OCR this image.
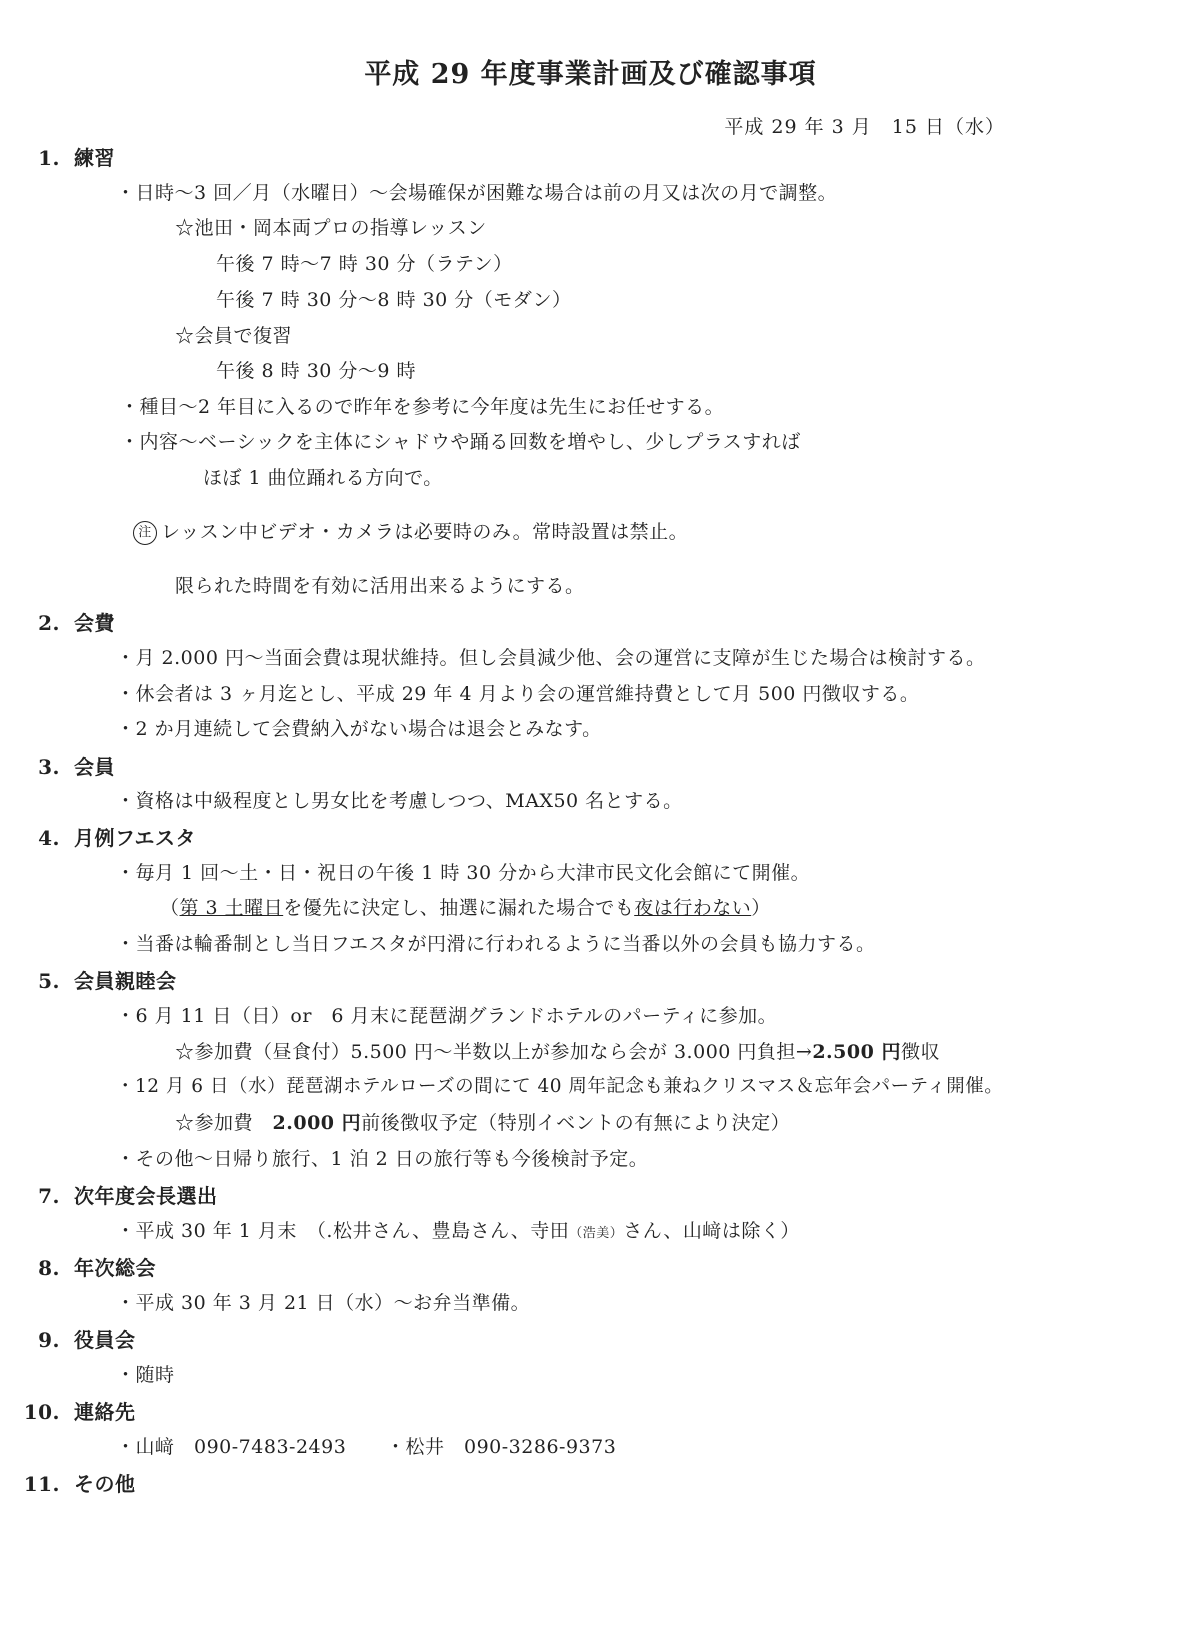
平成 29 年度事業計画及び確認事項
平成 29 年 3 月　15 日（水）
1. 練習
・日時～3 回／月（水曜日）～会場確保が困難な場合は前の月又は次の月で調整。
☆池田・岡本両プロの指導レッスン
午後 7 時～7 時 30 分（ラテン）
午後 7 時 30 分～8 時 30 分（モダン）
☆会員で復習
午後 8 時 30 分～9 時
・種目～2 年目に入るので昨年を参考に今年度は先生にお任せする。
・内容～ベーシックを主体にシャドウや踊る回数を増やし、少しプラスすれば
ほぼ 1 曲位踊れる方向で。
注 レッスン中ビデオ・カメラは必要時のみ。常時設置は禁止。
限られた時間を有効に活用出来るようにする。
2. 会費
・月 2.000 円～当面会費は現状維持。但し会員減少他、会の運営に支障が生じた場合は検討する。
・休会者は 3 ヶ月迄とし、平成 29 年 4 月より会の運営維持費として月 500 円徴収する。
・2 か月連続して会費納入がない場合は退会とみなす。
3. 会員
・資格は中級程度とし男女比を考慮しつつ、MAX50 名とする。
4. 月例フエスタ
・毎月 1 回～土・日・祝日の午後 1 時 30 分から大津市民文化会館にて開催。
（第 3 土曜日を優先に決定し、抽選に漏れた場合でも夜は行わない）
・当番は輪番制とし当日フエスタが円滑に行われるように当番以外の会員も協力する。
5. 会員親睦会
・6 月 11 日（日）or　6 月末に琵琶湖グランドホテルのパーティに参加。
☆参加費（昼食付）5.500 円～半数以上が参加なら会が 3.000 円負担→2.500 円徴収
・12 月 6 日（水）琵琶湖ホテルローズの間にて 40 周年記念も兼ねクリスマス＆忘年会パーティ開催。
☆参加費　2.000 円前後徴収予定（特別イベントの有無により決定）
・その他～日帰り旅行、1 泊 2 日の旅行等も今後検討予定。
7. 次年度会長選出
・平成 30 年 1 月末　（.松井さん、豊島さん、寺田（浩美）さん、山﨑は除く）
8. 年次総会
・平成 30 年 3 月 21 日（水）～お弁当準備。
9. 役員会
・随時
10. 連絡先
・山﨑　090-7483-2493 ・松井　090-3286-9373
11. その他
